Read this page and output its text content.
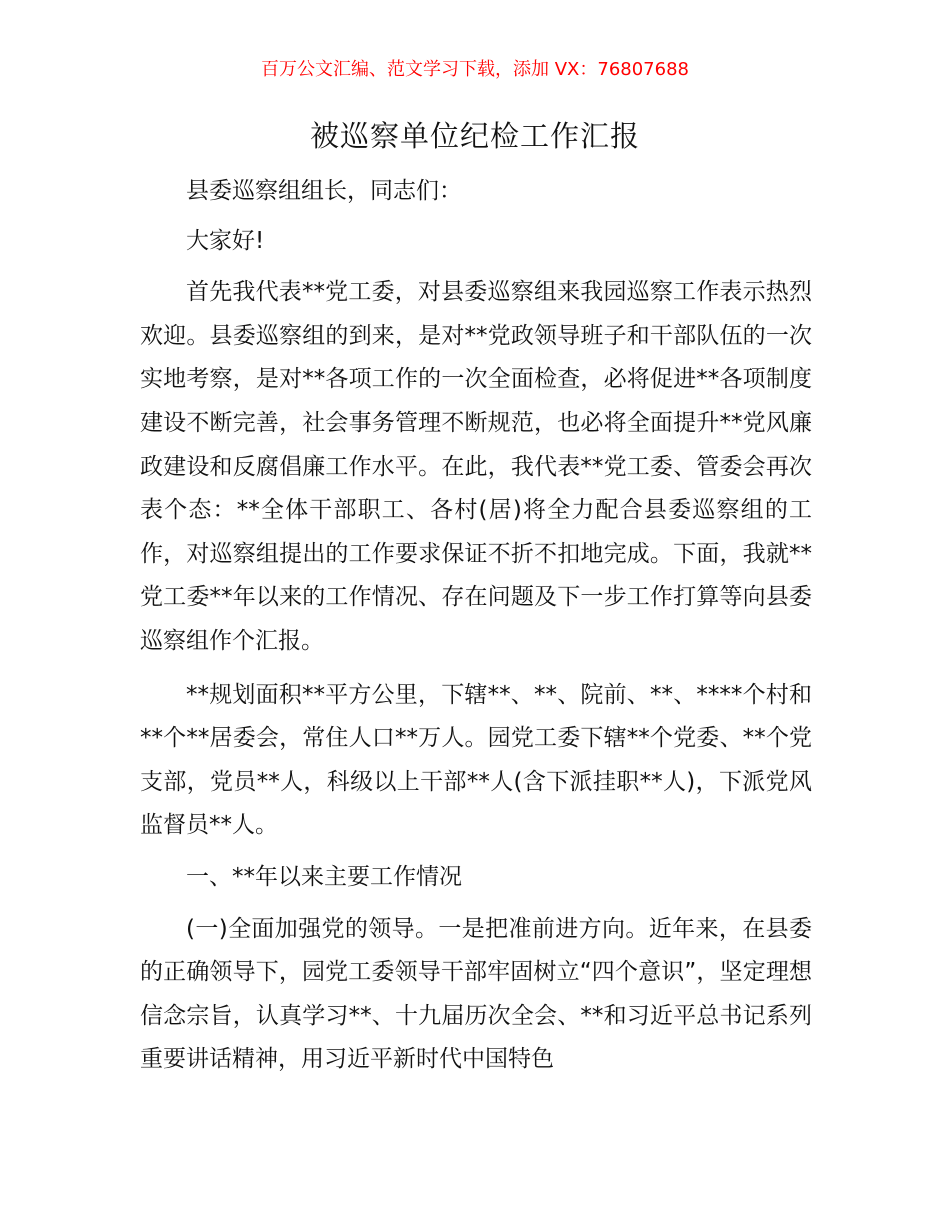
百万公文汇编、范文学习下载，添加 VX：76807688
被巡察单位纪检工作汇报

县委巡察组组长，同志们：

大家好!

首先我代表**党工委，对县委巡察组来我园巡察工作表示热烈欢迎。县委巡察组的到来，是对**党政领导班子和干部队伍的一次实地考察，是对**各项工作的一次全面检查，必将促进**各项制度建设不断完善，社会事务管理不断规范，也必将全面提升**党风廉政建设和反腐倡廉工作水平。在此，我代表**党工委、管委会再次表个态：**全体干部职工、各村(居)将全力配合县委巡察组的工作，对巡察组提出的工作要求保证不折不扣地完成。下面，我就**党工委**年以来的工作情况、存在问题及下一步工作打算等向县委巡察组作个汇报。

**规划面积**平方公里，下辖**、**、院前、**、****个村和**个**居委会，常住人口**万人。园党工委下辖**个党委、**个党支部，党员**人，科级以上干部**人(含下派挂职**人)，下派党风监督员**人。

一、**年以来主要工作情况

(一)全面加强党的领导。一是把准前进方向。近年来，在县委的正确领导下，园党工委领导干部牢固树立“四个意识”，坚定理想信念宗旨，认真学习**、十九届历次全会、**和习近平总书记系列重要讲话精神，用习近平新时代中国特色
